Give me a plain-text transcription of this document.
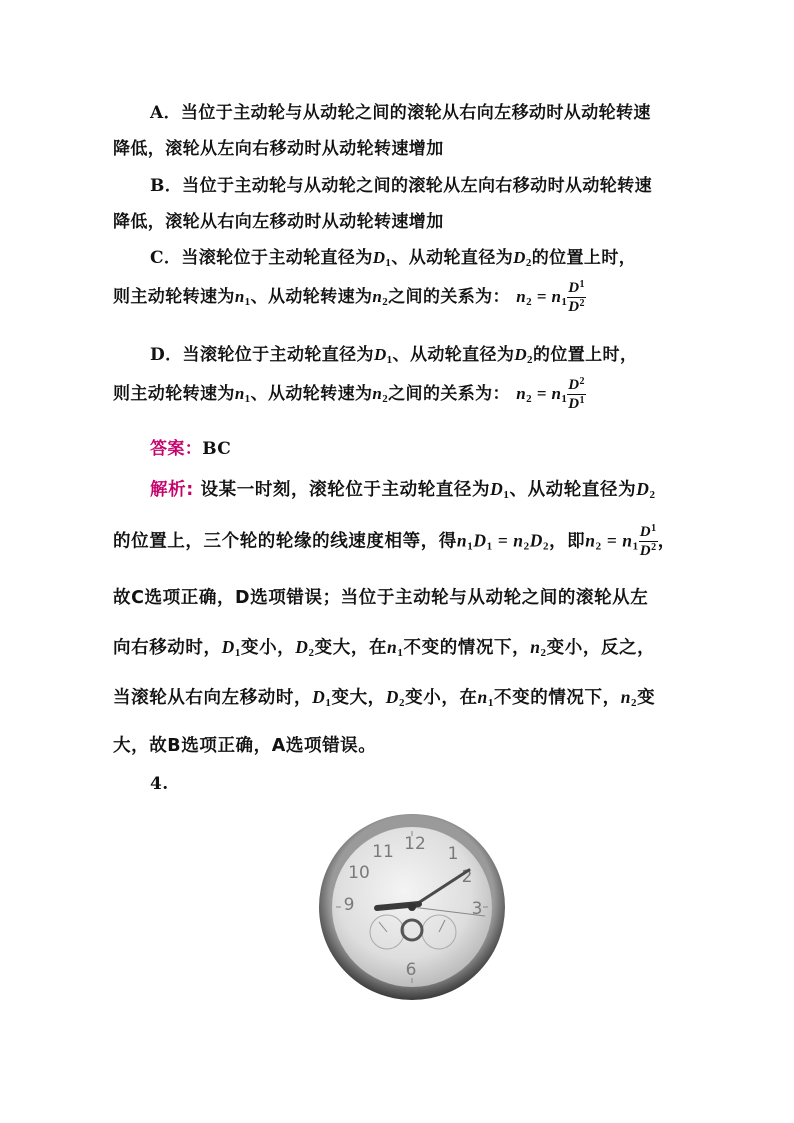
A．当位于主动轮与从动轮之间的滚轮从右向左移动时从动轮转速
降低，滚轮从左向右移动时从动轮转速增加
B．当位于主动轮与从动轮之间的滚轮从左向右移动时从动轮转速
降低，滚轮从右向左移动时从动轮转速增加
C．当滚轮位于主动轮直径为$D_1$、从动轮直径为$D_2$的位置上时，
则主动轮转速为$n_1$、从动轮转速为$n_2$之间的关系为： $n_2 = n_1 \frac{D^1}{D^2}$
D．当滚轮位于主动轮直径为$D_1$、从动轮直径为$D_2$的位置上时，
则主动轮转速为$n_1$、从动轮转速为$n_2$之间的关系为： $n_2 = n_1 \frac{D^2}{D^1}$
答案：BC
解析: 设某一时刻，滚轮位于主动轮直径为$D_1$、从动轮直径为$D_2$
的位置上，三个轮的轮缘的线速度相等，得$n_1D_1 = n_2D_2$，即$n_2 = n_1 \frac{D^1}{D^2}$ ，
故C选项正确，D选项错误；当位于主动轮与从动轮之间的滚轮从左
向右移动时，$D_1$变小，$D_2$变大，在$n_1$不变的情况下，$n_2$变小，反之，
当滚轮从右向左移动时，$D_1$变大，$D_2$变小，在$n_1$不变的情况下，$n_2$变
大，故B选项正确，A选项错误。
4.
12 1
2
3
6
9
10
11
